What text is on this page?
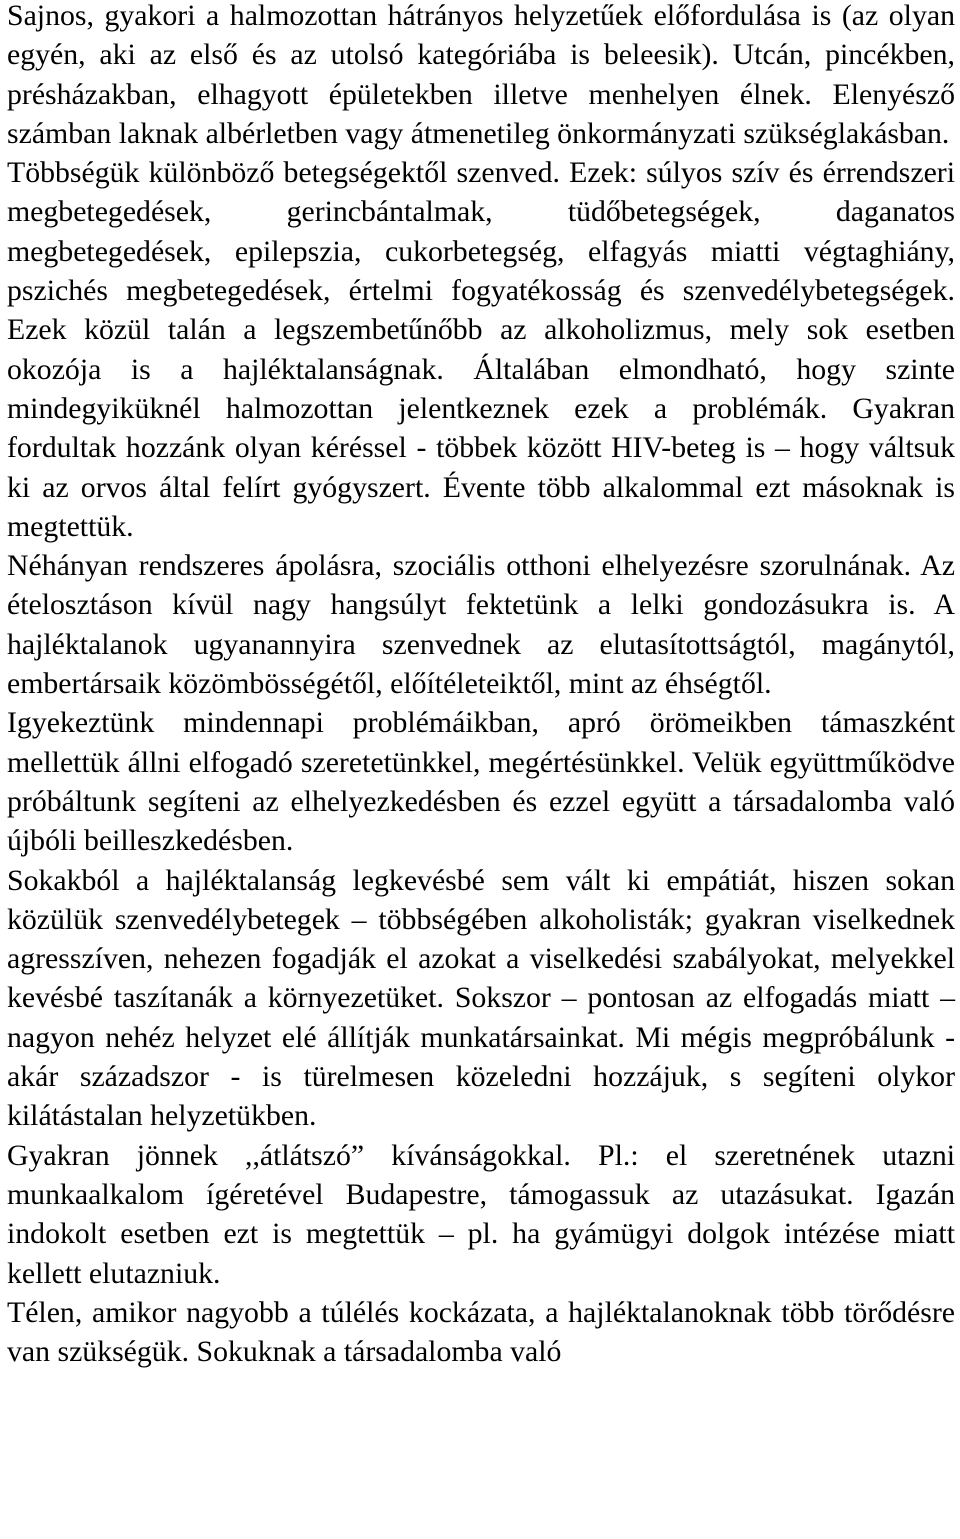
Sajnos, gyakori a halmozottan hátrányos helyzetűek előfordulása is (az olyan egyén, aki az első és az utolsó kategóriába is beleesik). Utcán, pincékben, présházakban, elhagyott épületekben illetve menhelyen élnek. Elenyésző számban laknak albérletben vagy átmenetileg önkormányzati szükséglakásban.

Többségük különböző betegségektől szenved. Ezek: súlyos szív és érrendszeri megbetegedések, gerincbántalmak, tüdőbetegségek, daganatos megbetegedések, epilepszia, cukorbetegség, elfagyás miatti végtaghiány, pszichés megbetegedések, értelmi fogyatékosság és szenvedélybetegségek. Ezek közül talán a legszembetűnőbb az alkoholizmus, mely sok esetben okozója is a hajléktalanságnak. Általában elmondható, hogy szinte mindegyiküknél halmozottan jelentkeznek ezek a problémák. Gyakran fordultak hozzánk olyan kéréssel - többek között HIV-beteg is – hogy váltsuk ki az orvos által felírt gyógyszert. Évente több alkalommal ezt másoknak is megtettük.

Néhányan rendszeres ápolásra, szociális otthoni elhelyezésre szorulnának. Az ételosztáson kívül nagy hangsúlyt fektetünk a lelki gondozásukra is. A hajléktalanok ugyanannyira szenvednek az elutasítottságtól, magánytól, embertársaik közömbösségétől, előítéleteiktől, mint az éhségtől.

Igyekeztünk mindennapi problémáikban, apró örömeikben támaszként mellettük állni elfogadó szeretetünkkel, megértésünkkel. Velük együttműködve próbáltunk segíteni az elhelyezkedésben és ezzel együtt a társadalomba való újbóli beilleszkedésben.

Sokakból a hajléktalanság legkevésbé sem vált ki empátiát, hiszen sokan közülük szenvedélybetegek – többségében alkoholisták; gyakran viselkednek agresszíven, nehezen fogadják el azokat a viselkedési szabályokat, melyekkel kevésbé taszítanák a környezetüket. Sokszor – pontosan az elfogadás miatt – nagyon nehéz helyzet elé állítják munkatársainkat. Mi mégis megpróbálunk - akár századszor - is türelmesen közeledni hozzájuk, s segíteni olykor kilátástalan helyzetükben.

Gyakran jönnek ,,átlátszó” kívánságokkal. Pl.: el szeretnének utazni munkaalkalom ígéretével Budapestre, támogassuk az utazásukat. Igazán indokolt esetben ezt is megtettük – pl. ha gyámügyi dolgok intézése miatt kellett elutazniuk.

Télen, amikor nagyobb a túlélés kockázata, a hajléktalanoknak több törődésre van szükségük. Sokuknak a társadalomba való
